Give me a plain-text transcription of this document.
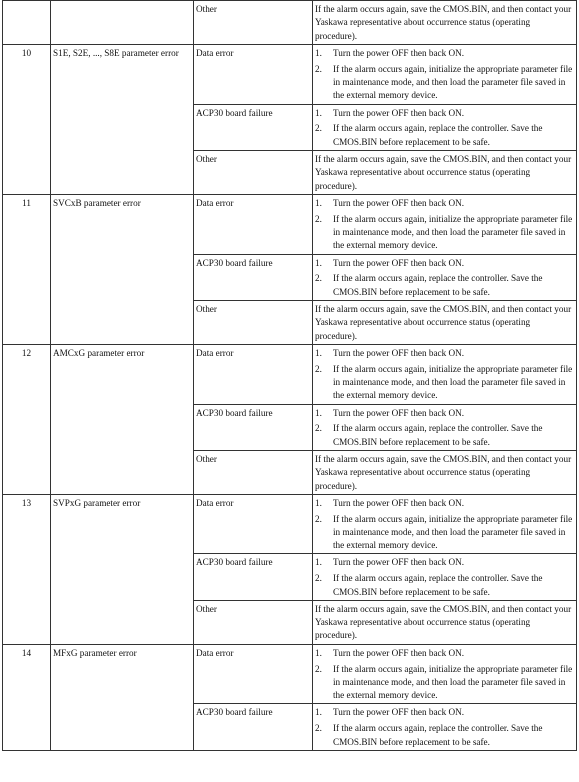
		Other	If the alarm occurs again, save the CMOS.BIN, and then contact your Yaskawa representative about occurrence status (operating procedure).
10	S1E, S2E, ..., S8E parameter error	Data error	1. Turn the power OFF then back ON.
2. If the alarm occurs again, initialize the appropriate parameter file in maintenance mode, and then load the parameter file saved in the external memory device.

		ACP30 board failure	1. Turn the power OFF then back ON.
2. If the alarm occurs again, replace the controller. Save the CMOS.BIN before replacement to be safe.

		Other	If the alarm occurs again, save the CMOS.BIN, and then contact your Yaskawa representative about occurrence status (operating procedure).
11	SVCxB parameter error	Data error	1. Turn the power OFF then back ON.
2. If the alarm occurs again, initialize the appropriate parameter file in maintenance mode, and then load the parameter file saved in the external memory device.

		ACP30 board failure	1. Turn the power OFF then back ON.
2. If the alarm occurs again, replace the controller. Save the CMOS.BIN before replacement to be safe.

		Other	If the alarm occurs again, save the CMOS.BIN, and then contact your Yaskawa representative about occurrence status (operating procedure).
12	AMCxG parameter error	Data error	1. Turn the power OFF then back ON.
2. If the alarm occurs again, initialize the appropriate parameter file in maintenance mode, and then load the parameter file saved in the external memory device.

		ACP30 board failure	1. Turn the power OFF then back ON.
2. If the alarm occurs again, replace the controller. Save the CMOS.BIN before replacement to be safe.

		Other	If the alarm occurs again, save the CMOS.BIN, and then contact your Yaskawa representative about occurrence status (operating procedure).
13	SVPxG parameter error	Data error	1. Turn the power OFF then back ON.
2. If the alarm occurs again, initialize the appropriate parameter file in maintenance mode, and then load the parameter file saved in the external memory device.

		ACP30 board failure	1. Turn the power OFF then back ON.
2. If the alarm occurs again, replace the controller. Save the CMOS.BIN before replacement to be safe.

		Other	If the alarm occurs again, save the CMOS.BIN, and then contact your Yaskawa representative about occurrence status (operating procedure).
14	MFxG parameter error	Data error	1. Turn the power OFF then back ON.
2. If the alarm occurs again, initialize the appropriate parameter file in maintenance mode, and then load the parameter file saved in the external memory device.

		ACP30 board failure	1. Turn the power OFF then back ON.
2. If the alarm occurs again, replace the controller. Save the CMOS.BIN before replacement to be safe.
